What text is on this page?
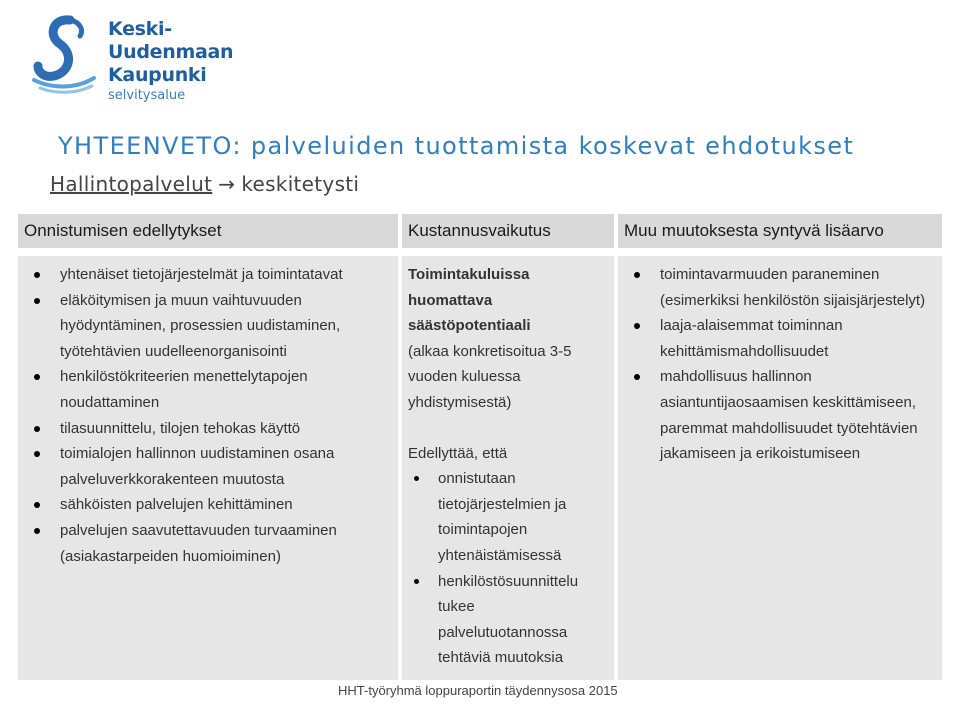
Keski-
Uudenmaan
Kaupunki
selvitysalue
YHTEENVETO: palveluiden tuottamista koskevat ehdotukset
Hallintopalvelut → keskitetysti
Onnistumisen edellytykset	Kustannusvaikutus	Muu muutoksesta syntyvä lisäarvo
yhtenäiset tietojärjestelmät ja toimintatavat
eläköitymisen ja muun vaihtuvuuden hyödyntäminen, prosessien uudistaminen, työtehtävien uudelleenorganisointi
henkilöstökriteerien menettelytapojen noudattaminen
tilasuunnittelu, tilojen tehokas käyttö
toimialojen hallinnon uudistaminen osana palveluverkkorakenteen muutosta
sähköisten palvelujen kehittäminen
palvelujen saavutettavuuden turvaaminen (asiakastarpeiden huomioiminen)
Toimintakuluissa huomattava säästöpotentiaali
(alkaa konkretisoitua 3-5 vuoden kuluessa yhdistymisestä)
Edellyttää, että
onnistutaan tietojärjestelmien ja toimintapojen yhtenäistämisessä
henkilöstösuunnittelu tukee palvelutuotannossa tehtäviä muutoksia
toimintavarmuuden paraneminen (esimerkiksi henkilöstön sijaisjärjestelyt)
laaja-alaisemmat toiminnan kehittämismahdollisuudet
mahdollisuus hallinnon asiantuntijaosaamisen keskittämiseen, paremmat mahdollisuudet työtehtävien jakamiseen ja erikoistumiseen
HHT-työryhmä loppuraportin täydennysosa 2015
